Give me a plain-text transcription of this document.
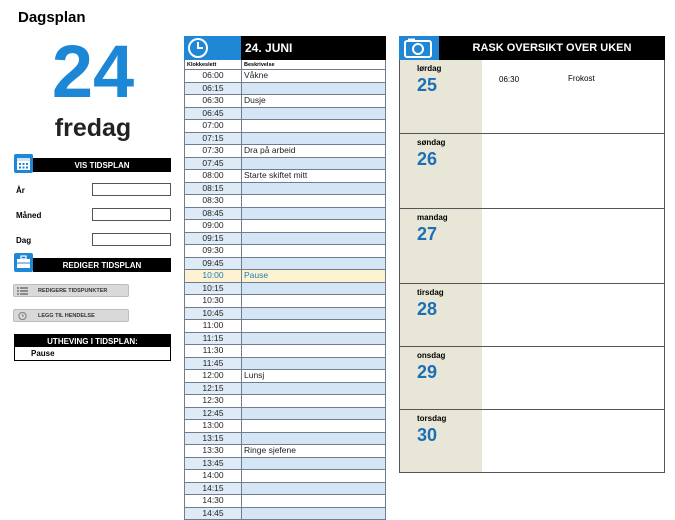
Dagsplan
24
fredag
VIS TIDSPLAN
År
Måned
Dag
REDIGER TIDSPLAN
REDIGERE TIDSPUNKTER
LEGG TIL HENDELSE
UTHEVING I TIDSPLAN:
Pause
24. JUNI
Klokkeslett	Beskrivelse
06:00	Våkne
06:15
06:30	Dusje
06:45
07:00
07:15
07:30	Dra på arbeid
07:45
08:00	Starte skiftet mitt
08:15
08:30
08:45
09:00
09:15
09:30
09:45
10:00	Pause
10:15
10:30
10:45
11:00
11:15
11:30
11:45
12:00	Lunsj
12:15
12:30
12:45
13:00
13:15
13:30	Ringe sjefene
13:45
14:00
14:15
14:30
14:45
RASK OVERSIKT OVER UKEN
lørdag
25	06:30	Frokost
søndag
26
mandag
27
tirsdag
28
onsdag
29
torsdag
30
